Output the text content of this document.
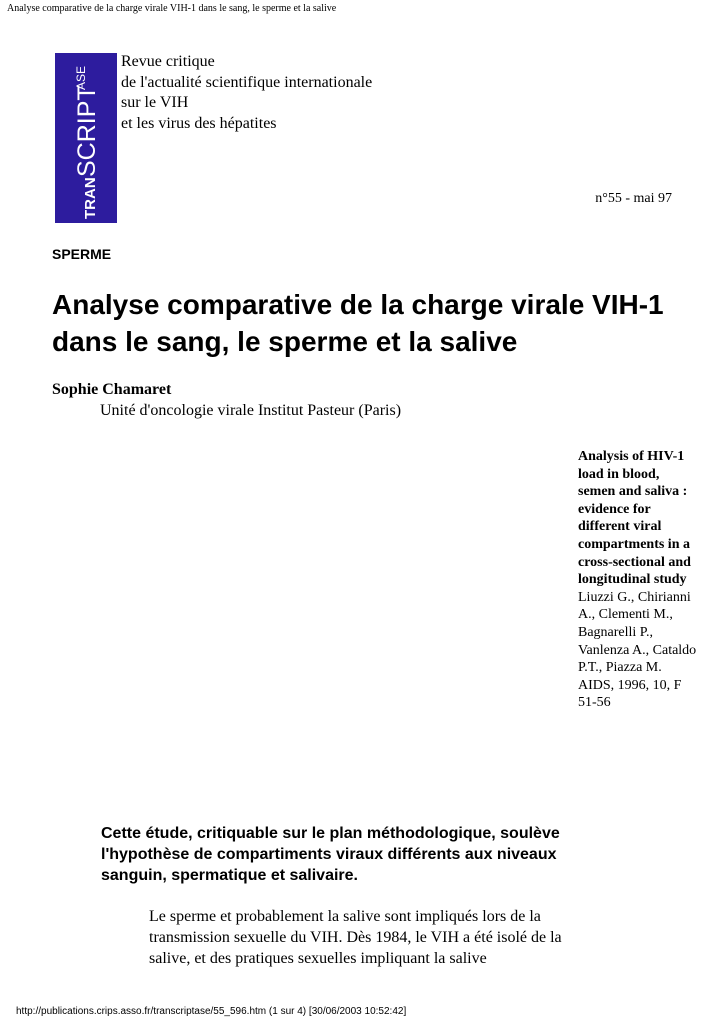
Analyse comparative de la charge virale VIH-1 dans le sang, le sperme et la salive
TRAN
SCRIPT
ASE
Revue critique
de l'actualité scientifique internationale
sur le VIH
et les virus des hépatites
n°55 - mai 97
SPERME
Analyse comparative de la charge virale VIH-1 dans le sang, le sperme et la salive
Sophie Chamaret
Unité d'oncologie virale Institut Pasteur (Paris)
Analysis of HIV-1 load in blood, semen and saliva : evidence for different viral compartments in a cross-sectional and longitudinal study
Liuzzi G., Chirianni A., Clementi M., Bagnarelli P., Vanlenza A., Cataldo P.T., Piazza M.
AIDS, 1996, 10, F 51-56
Cette étude, critiquable sur le plan méthodologique, soulève l'hypothèse de compartiments viraux différents aux niveaux sanguin, spermatique et salivaire.
Le sperme et probablement la salive sont impliqués lors de la transmission sexuelle du VIH. Dès 1984, le VIH a été isolé de la salive, et des pratiques sexuelles impliquant la salive
http://publications.crips.asso.fr/transcriptase/55_596.htm (1 sur 4) [30/06/2003 10:52:42]
